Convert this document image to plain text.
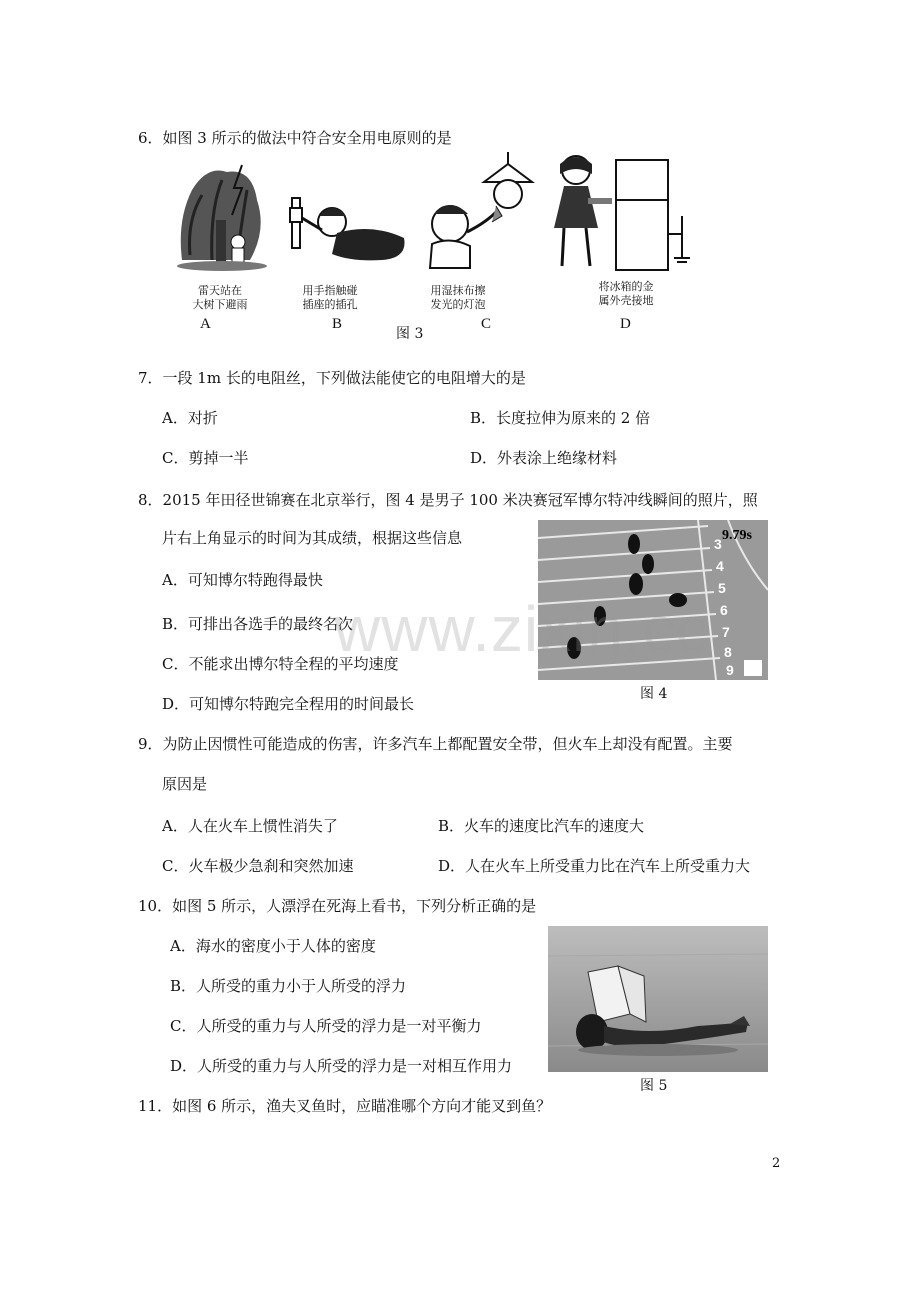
6．如图 3 所示的做法中符合安全用电原则的是
雷天站在
大树下避雨
A
用手指触碰
插座的插孔
B
用湿抹布擦
发光的灯泡
C
将冰箱的金
属外壳接地
D
图 3
7．一段 1m 长的电阻丝，下列做法能使它的电阻增大的是
A．对折	B．长度拉伸为原来的 2 倍
C．剪掉一半	D．外表涂上绝缘材料
8．2015 年田径世锦赛在北京举行，图 4 是男子 100 米决赛冠军博尔特冲线瞬间的照片，照
片右上角显示的时间为其成绩，根据这些信息
A．可知博尔特跑得最快
B．可排出各选手的最终名次
C．不能求出博尔特全程的平均速度
D．可知博尔特跑完全程用的时间最长
9.79s
3
4
5
6
7
8
9
图 4
www.zixin.cc
9．为防止因惯性可能造成的伤害，许多汽车上都配置安全带，但火车上却没有配置。主要
原因是
A．人在火车上惯性消失了	B．火车的速度比汽车的速度大
C．火车极少急刹和突然加速	D．人在火车上所受重力比在汽车上所受重力大
10．如图 5 所示，人漂浮在死海上看书，下列分析正确的是
A．海水的密度小于人体的密度
B．人所受的重力小于人所受的浮力
C．人所受的重力与人所受的浮力是一对平衡力
D．人所受的重力与人所受的浮力是一对相互作用力
图 5
11．如图 6 所示，渔夫叉鱼时，应瞄准哪个方向才能叉到鱼？
2
